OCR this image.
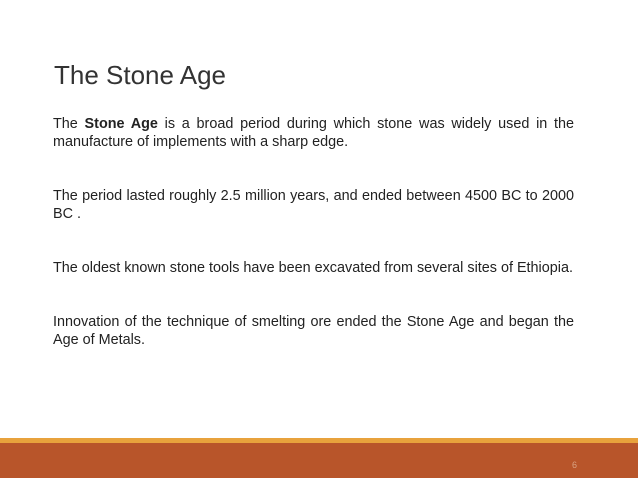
The Stone Age

The Stone Age is a broad period during which stone was widely used in the manufacture of implements with a sharp edge.

The period lasted roughly 2.5 million years, and ended between 4500 BC to 2000 BC .

The oldest known stone tools have been excavated from several sites of Ethiopia.

Innovation of the technique of smelting ore ended the Stone Age and began the Age of Metals.

6
